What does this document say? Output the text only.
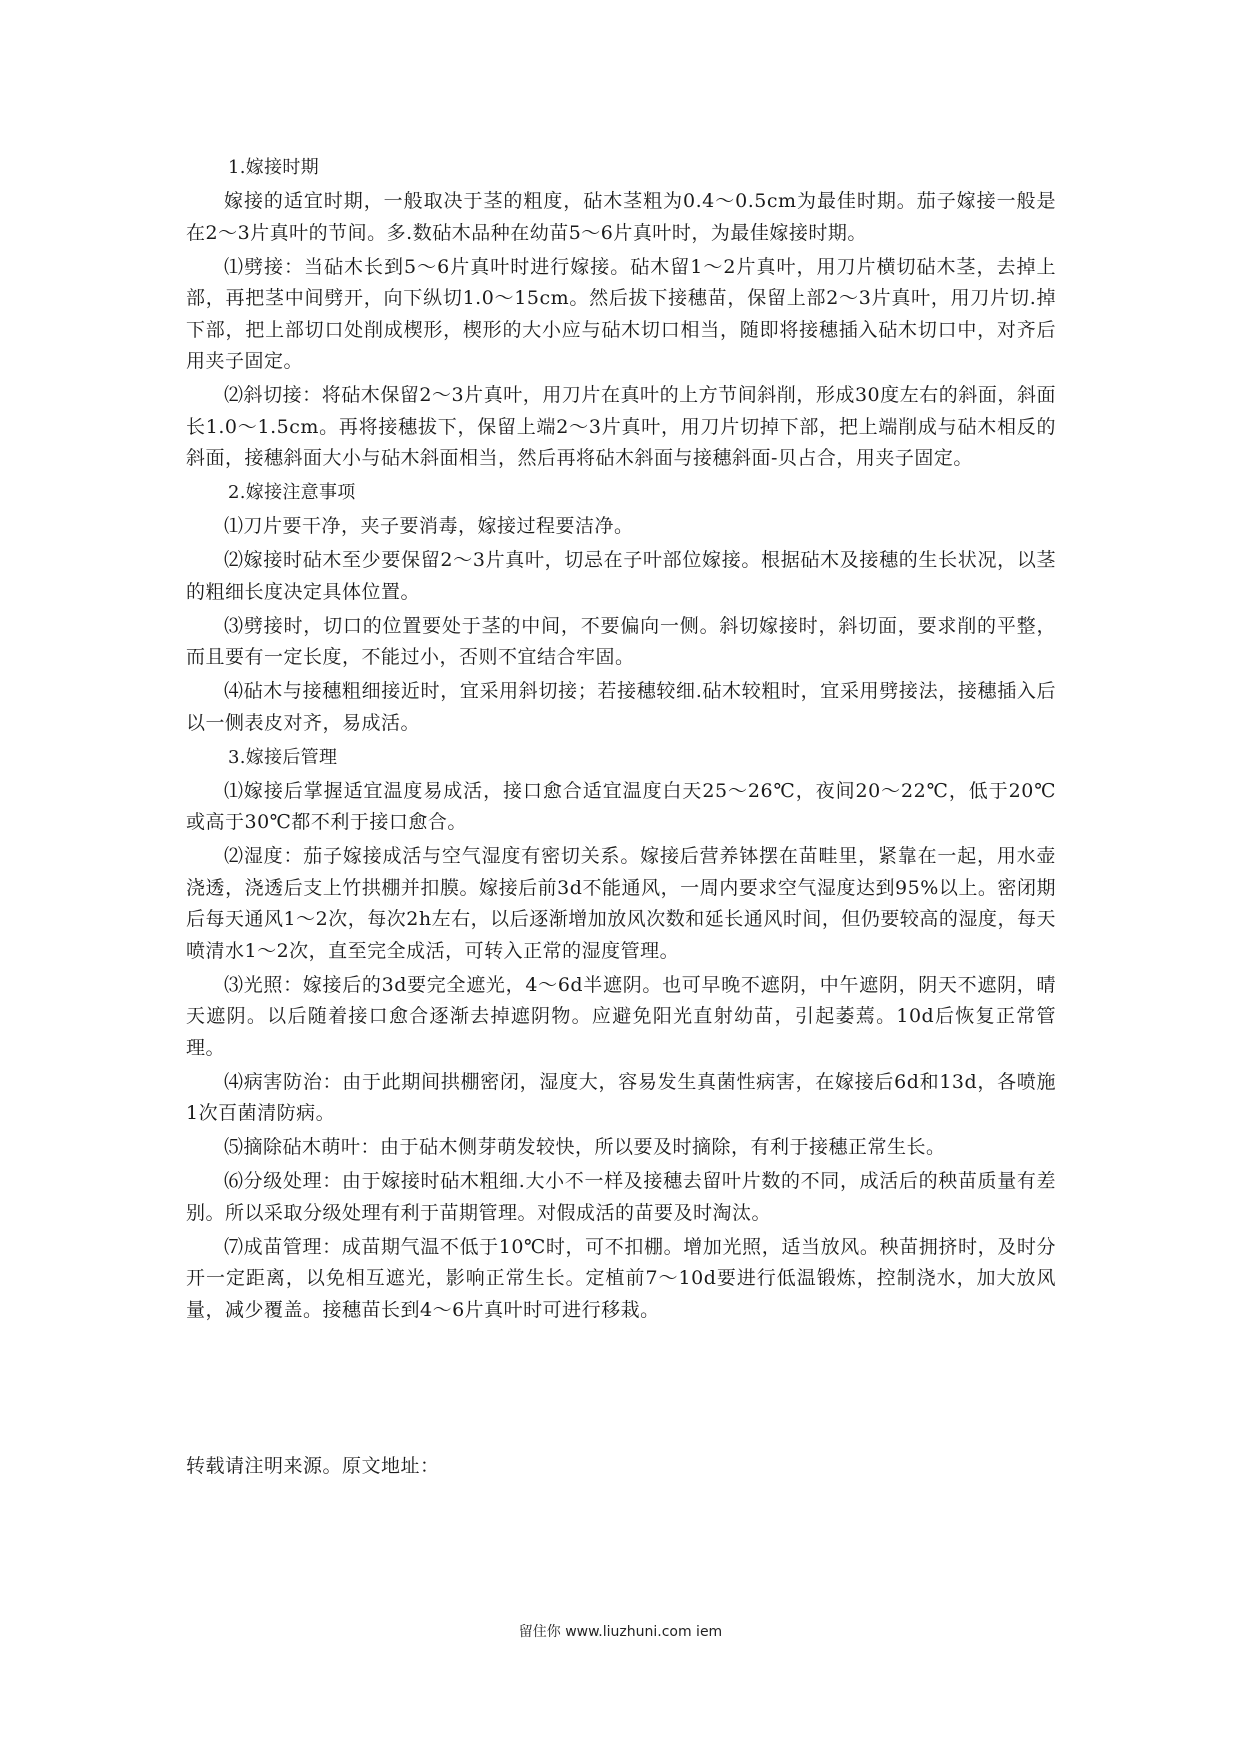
1.嫁接时期

嫁接的适宜时期，一般取决于茎的粗度，砧木茎粗为0.4～0.5cm为最佳时期。茄子嫁接一般是在2～3片真叶的节间。多.数砧木品种在幼苗5～6片真叶时，为最佳嫁接时期。

⑴劈接：当砧木长到5～6片真叶时进行嫁接。砧木留1～2片真叶，用刀片横切砧木茎，去掉上部，再把茎中间劈开，向下纵切1.0～15cm。然后拔下接穗苗，保留上部2～3片真叶，用刀片切.掉下部，把上部切口处削成楔形，楔形的大小应与砧木切口相当，随即将接穗插入砧木切口中，对齐后用夹子固定。

⑵斜切接：将砧木保留2～3片真叶，用刀片在真叶的上方节间斜削，形成30度左右的斜面，斜面长1.0～1.5cm。再将接穗拔下，保留上端2～3片真叶，用刀片切掉下部，把上端削成与砧木相反的斜面，接穗斜面大小与砧木斜面相当，然后再将砧木斜面与接穗斜面-贝占合，用夹子固定。

2.嫁接注意事项

⑴刀片要干净，夹子要消毒，嫁接过程要洁净。

⑵嫁接时砧木至少要保留2～3片真叶，切忌在子叶部位嫁接。根据砧木及接穗的生长状况，以茎的粗细长度决定具体位置。

⑶劈接时，切口的位置要处于茎的中间，不要偏向一侧。斜切嫁接时，斜切面，要求削的平整，而且要有一定长度，不能过小，否则不宜结合牢固。

⑷砧木与接穗粗细接近时，宜采用斜切接；若接穗较细.砧木较粗时，宜采用劈接法，接穗插入后以一侧表皮对齐，易成活。

3.嫁接后管理

⑴嫁接后掌握适宜温度易成活，接口愈合适宜温度白天25～26℃，夜间20～22℃，低于20℃或高于30℃都不利于接口愈合。

⑵湿度：茄子嫁接成活与空气湿度有密切关系。嫁接后营养钵摆在苗畦里，紧靠在一起，用水壶浇透，浇透后支上竹拱棚并扣膜。嫁接后前3d不能通风，一周内要求空气湿度达到95%以上。密闭期后每天通风1～2次，每次2h左右，以后逐渐增加放风次数和延长通风时间，但仍要较高的湿度，每天喷清水1～2次，直至完全成活，可转入正常的湿度管理。

⑶光照：嫁接后的3d要完全遮光，4～6d半遮阴。也可早晚不遮阴，中午遮阴，阴天不遮阴，晴天遮阴。以后随着接口愈合逐渐去掉遮阴物。应避免阳光直射幼苗，引起萎蔫。10d后恢复正常管理。

⑷病害防治：由于此期间拱棚密闭，湿度大，容易发生真菌性病害，在嫁接后6d和13d，各喷施1次百菌清防病。

⑸摘除砧木萌叶：由于砧木侧芽萌发较快，所以要及时摘除，有利于接穗正常生长。

⑹分级处理：由于嫁接时砧木粗细.大小不一样及接穗去留叶片数的不同，成活后的秧苗质量有差别。所以采取分级处理有利于苗期管理。对假成活的苗要及时淘汰。

⑺成苗管理：成苗期气温不低于10℃时，可不扣棚。增加光照，适当放风。秧苗拥挤时，及时分开一定距离，以免相互遮光，影响正常生长。定植前7～10d要进行低温锻炼，控制浇水，加大放风量，减少覆盖。接穗苗长到4～6片真叶时可进行移栽。

转载请注明来源。原文地址：
留住你 www.liuzhuni.com iem
